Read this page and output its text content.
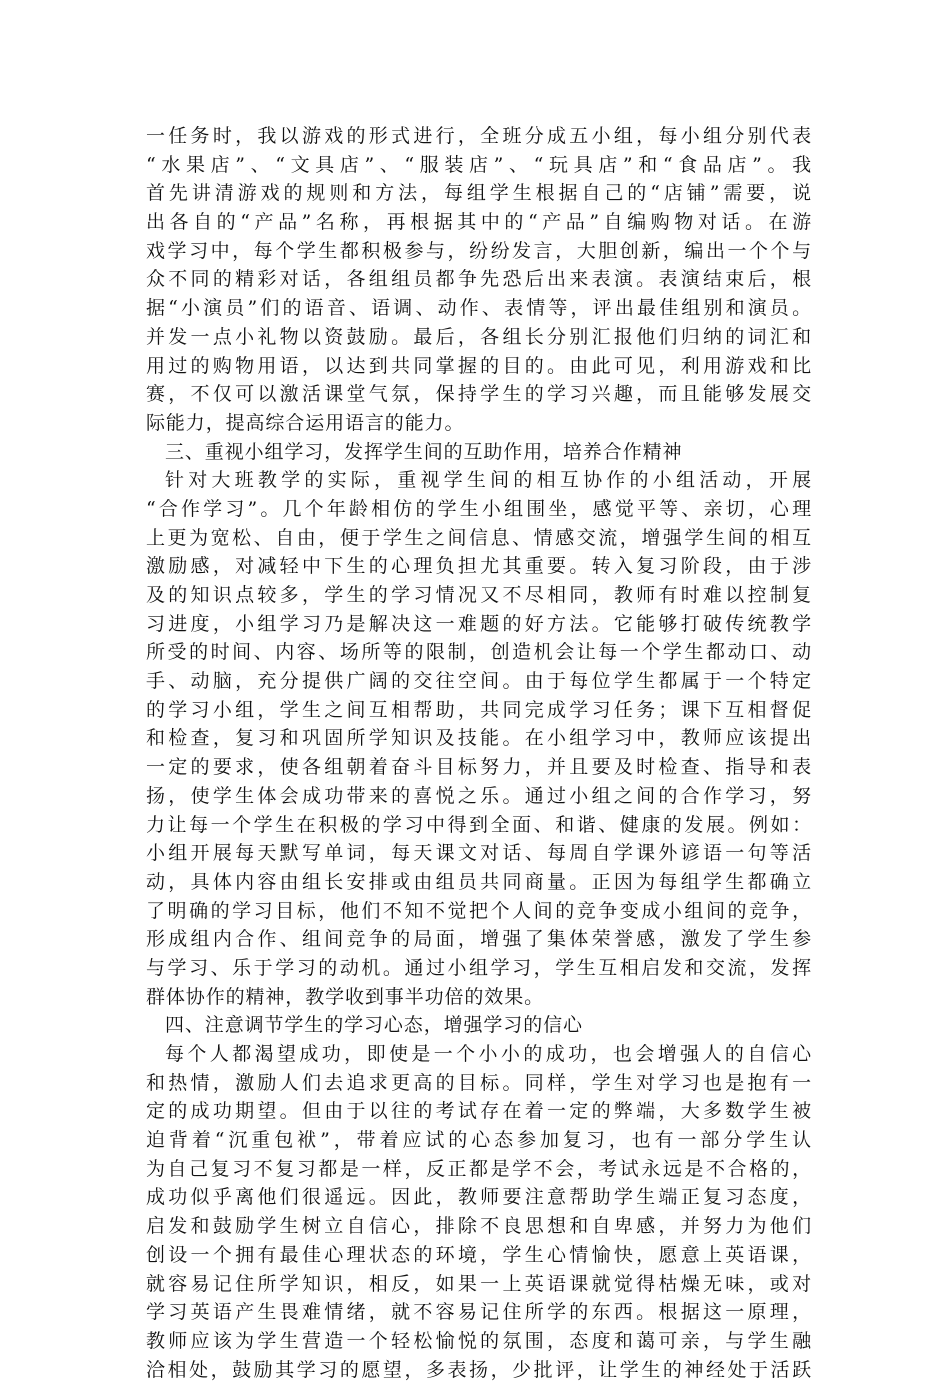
一任务时，我以游戏的形式进行，全班分成五小组，每小组分别代表
“水果店”、“文具店”、“服装店”、“玩具店”和“食品店”。我
首先讲清游戏的规则和方法，每组学生根据自己的“店铺”需要，说
出各自的“产品”名称，再根据其中的“产品”自编购物对话。在游
戏学习中，每个学生都积极参与，纷纷发言，大胆创新，编出一个个与
众不同的精彩对话，各组组员都争先恐后出来表演。表演结束后，根
据“小演员”们的语音、语调、动作、表情等，评出最佳组别和演员。
并发一点小礼物以资鼓励。最后，各组长分别汇报他们归纳的词汇和
用过的购物用语，以达到共同掌握的目的。由此可见，利用游戏和比
赛，不仅可以激活课堂气氛，保持学生的学习兴趣，而且能够发展交
际能力，提高综合运用语言的能力。
三、重视小组学习，发挥学生间的互助作用，培养合作精神
针对大班教学的实际，重视学生间的相互协作的小组活动，开展
“合作学习”。几个年龄相仿的学生小组围坐，感觉平等、亲切，心理
上更为宽松、自由，便于学生之间信息、情感交流，增强学生间的相互
激励感，对减轻中下生的心理负担尤其重要。转入复习阶段，由于涉
及的知识点较多，学生的学习情况又不尽相同，教师有时难以控制复
习进度，小组学习乃是解决这一难题的好方法。它能够打破传统教学
所受的时间、内容、场所等的限制，创造机会让每一个学生都动口、动
手、动脑，充分提供广阔的交往空间。由于每位学生都属于一个特定
的学习小组，学生之间互相帮助，共同完成学习任务；课下互相督促
和检查，复习和巩固所学知识及技能。在小组学习中，教师应该提出
一定的要求，使各组朝着奋斗目标努力，并且要及时检查、指导和表
扬，使学生体会成功带来的喜悦之乐。通过小组之间的合作学习，努
力让每一个学生在积极的学习中得到全面、和谐、健康的发展。例如：
小组开展每天默写单词，每天课文对话、每周自学课外谚语一句等活
动，具体内容由组长安排或由组员共同商量。正因为每组学生都确立
了明确的学习目标，他们不知不觉把个人间的竞争变成小组间的竞争，
形成组内合作、组间竞争的局面，增强了集体荣誉感，激发了学生参
与学习、乐于学习的动机。通过小组学习，学生互相启发和交流，发挥
群体协作的精神，教学收到事半功倍的效果。
四、注意调节学生的学习心态，增强学习的信心
每个人都渴望成功，即使是一个小小的成功，也会增强人的自信心
和热情，激励人们去追求更高的目标。同样，学生对学习也是抱有一
定的成功期望。但由于以往的考试存在着一定的弊端，大多数学生被
迫背着“沉重包袱”，带着应试的心态参加复习，也有一部分学生认
为自己复习不复习都是一样，反正都是学不会，考试永远是不合格的，
成功似乎离他们很遥远。因此，教师要注意帮助学生端正复习态度，
启发和鼓励学生树立自信心，排除不良思想和自卑感，并努力为他们
创设一个拥有最佳心理状态的环境，学生心情愉快，愿意上英语课，
就容易记住所学知识，相反，如果一上英语课就觉得枯燥无味，或对
学习英语产生畏难情绪，就不容易记住所学的东西。根据这一原理，
教师应该为学生营造一个轻松愉悦的氛围，态度和蔼可亲，与学生融
洽相处，鼓励其学习的愿望，多表扬，少批评，让学生的神经处于活跃
